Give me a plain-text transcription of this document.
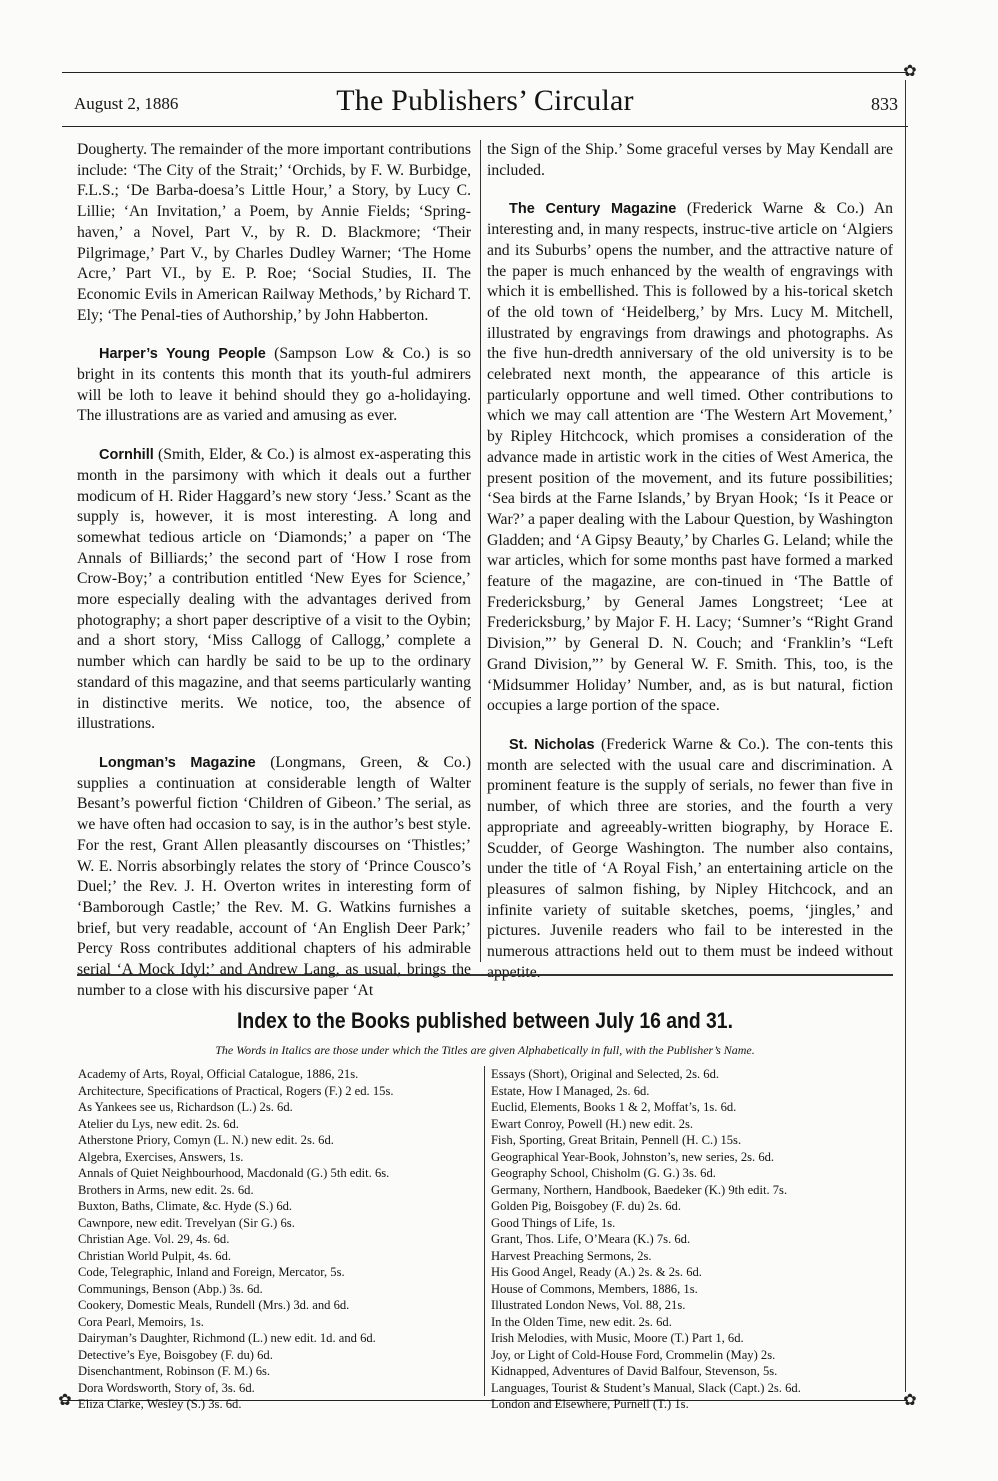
✿
✿
✿
August 2, 1886	The Publishers’ Circular	833

Dougherty. The remainder of the more important contributions include: ‘The City of the Strait;’ ‘Orchids, by F. W. Burbidge, F.L.S.; ‘De Barba-doesa’s Little Hour,’ a Story, by Lucy C. Lillie; ‘An Invitation,’ a Poem, by Annie Fields; ‘Spring-haven,’ a Novel, Part V., by R. D. Blackmore; ‘Their Pilgrimage,’ Part V., by Charles Dudley Warner; ‘The Home Acre,’ Part VI., by E. P. Roe; ‘Social Studies, II. The Economic Evils in American Railway Methods,’ by Richard T. Ely; ‘The Penal-ties of Authorship,’ by John Habberton.

Harper’s Young People (Sampson Low & Co.) is so bright in its contents this month that its youth-ful admirers will be loth to leave it behind should they go a-holidaying. The illustrations are as varied and amusing as ever.

Cornhill (Smith, Elder, & Co.) is almost ex-asperating this month in the parsimony with which it deals out a further modicum of H. Rider Haggard’s new story ‘Jess.’ Scant as the supply is, however, it is most interesting. A long and somewhat tedious article on ‘Diamonds;’ a paper on ‘The Annals of Billiards;’ the second part of ‘How I rose from Crow-Boy;’ a contribution entitled ‘New Eyes for Science,’ more especially dealing with the advantages derived from photography; a short paper descriptive of a visit to the Oybin; and a short story, ‘Miss Callogg of Callogg,’ complete a number which can hardly be said to be up to the ordinary standard of this magazine, and that seems particularly wanting in distinctive merits. We notice, too, the absence of illustrations.

Longman’s Magazine (Longmans, Green, & Co.) supplies a continuation at considerable length of Walter Besant’s powerful fiction ‘Children of Gibeon.’ The serial, as we have often had occasion to say, is in the author’s best style. For the rest, Grant Allen pleasantly discourses on ‘Thistles;’ W. E. Norris absorbingly relates the story of ‘Prince Cousco’s Duel;’ the Rev. J. H. Overton writes in interesting form of ‘Bamborough Castle;’ the Rev. M. G. Watkins furnishes a brief, but very readable, account of ‘An English Deer Park;’ Percy Ross contributes additional chapters of his admirable serial ‘A Mock Idyl;’ and Andrew Lang, as usual, brings the number to a close with his discursive paper ‘At

the Sign of the Ship.’ Some graceful verses by May Kendall are included.

The Century Magazine (Frederick Warne & Co.) An interesting and, in many respects, instruc-tive article on ‘Algiers and its Suburbs’ opens the number, and the attractive nature of the paper is much enhanced by the wealth of engravings with which it is embellished. This is followed by a his-torical sketch of the old town of ‘Heidelberg,’ by Mrs. Lucy M. Mitchell, illustrated by engravings from drawings and photographs. As the five hun-dredth anniversary of the old university is to be celebrated next month, the appearance of this article is particularly opportune and well timed. Other contributions to which we may call attention are ‘The Western Art Movement,’ by Ripley Hitchcock, which promises a consideration of the advance made in artistic work in the cities of West America, the present position of the movement, and its future possibilities; ‘Sea birds at the Farne Islands,’ by Bryan Hook; ‘Is it Peace or War?’ a paper dealing with the Labour Question, by Washington Gladden; and ‘A Gipsy Beauty,’ by Charles G. Leland; while the war articles, which for some months past have formed a marked feature of the magazine, are con-tinued in ‘The Battle of Fredericksburg,’ by General James Longstreet; ‘Lee at Fredericksburg,’ by Major F. H. Lacy; ‘Sumner’s “Right Grand Division,”’ by General D. N. Couch; and ‘Franklin’s “Left Grand Division,”’ by General W. F. Smith. This, too, is the ‘Midsummer Holiday’ Number, and, as is but natural, fiction occupies a large portion of the space.

St. Nicholas (Frederick Warne & Co.). The con-tents this month are selected with the usual care and discrimination. A prominent feature is the supply of serials, no fewer than five in number, of which three are stories, and the fourth a very appropriate and agreeably-written biography, by Horace E. Scudder, of George Washington. The number also contains, under the title of ‘A Royal Fish,’ an entertaining article on the pleasures of salmon fishing, by Nipley Hitchcock, and an infinite variety of suitable sketches, poems, ‘jingles,’ and pictures. Juvenile readers who fail to be interested in the numerous attractions held out to them must be indeed without appetite.

Index to the Books published between July 16 and 31.
The Words in Italics are those under which the Titles are given Alphabetically in full, with the Publisher’s Name.
Academy of Arts, Royal, Official Catalogue, 1886, 21s.
Architecture, Specifications of Practical, Rogers (F.) 2 ed. 15s.
As Yankees see us, Richardson (L.) 2s. 6d.
Atelier du Lys, new edit. 2s. 6d.
Atherstone Priory, Comyn (L. N.) new edit. 2s. 6d.
Algebra, Exercises, Answers, 1s.
Annals of Quiet Neighbourhood, Macdonald (G.) 5th edit. 6s.
Brothers in Arms, new edit. 2s. 6d.
Buxton, Baths, Climate, &c. Hyde (S.) 6d.
Cawnpore, new edit. Trevelyan (Sir G.) 6s.
Christian Age. Vol. 29, 4s. 6d.
Christian World Pulpit, 4s. 6d.
Code, Telegraphic, Inland and Foreign, Mercator, 5s.
Communings, Benson (Abp.) 3s. 6d.
Cookery, Domestic Meals, Rundell (Mrs.) 3d. and 6d.
Cora Pearl, Memoirs, 1s.
Dairyman’s Daughter, Richmond (L.) new edit. 1d. and 6d.
Detective’s Eye, Boisgobey (F. du) 6d.
Disenchantment, Robinson (F. M.) 6s.
Dora Wordsworth, Story of, 3s. 6d.
Eliza Clarke, Wesley (S.) 3s. 6d.
Essays (Short), Original and Selected, 2s. 6d.
Estate, How I Managed, 2s. 6d.
Euclid, Elements, Books 1 & 2, Moffat’s, 1s. 6d.
Ewart Conroy, Powell (H.) new edit. 2s.
Fish, Sporting, Great Britain, Pennell (H. C.) 15s.
Geographical Year-Book, Johnston’s, new series, 2s. 6d.
Geography School, Chisholm (G. G.) 3s. 6d.
Germany, Northern, Handbook, Baedeker (K.) 9th edit. 7s.
Golden Pig, Boisgobey (F. du) 2s. 6d.
Good Things of Life, 1s.
Grant, Thos. Life, O’Meara (K.) 7s. 6d.
Harvest Preaching Sermons, 2s.
His Good Angel, Ready (A.) 2s. & 2s. 6d.
House of Commons, Members, 1886, 1s.
Illustrated London News, Vol. 88, 21s.
In the Olden Time, new edit. 2s. 6d.
Irish Melodies, with Music, Moore (T.) Part 1, 6d.
Joy, or Light of Cold-House Ford, Crommelin (May) 2s.
Kidnapped, Adventures of David Balfour, Stevenson, 5s.
Languages, Tourist & Student’s Manual, Slack (Capt.) 2s. 6d.
London and Elsewhere, Purnell (T.) 1s.
